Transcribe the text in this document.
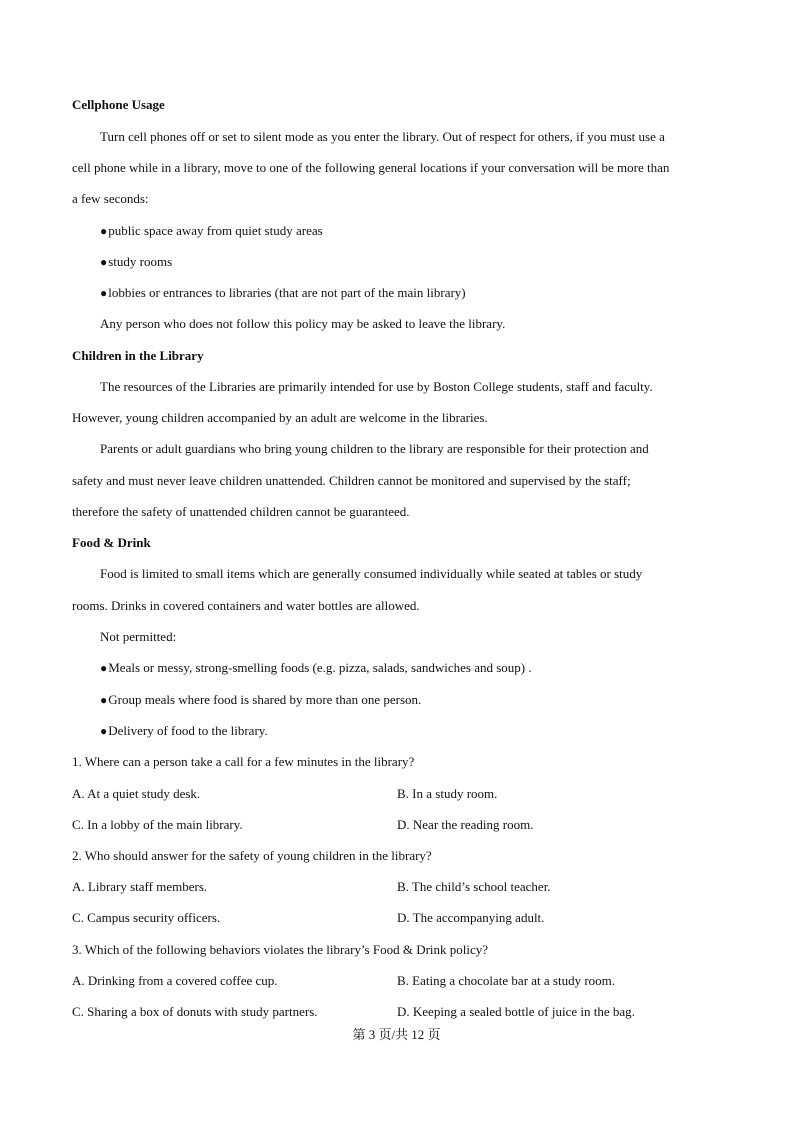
Cellphone Usage
Turn cell phones off or set to silent mode as you enter the library. Out of respect for others, if you must use a
cell phone while in a library, move to one of the following general locations if your conversation will be more than
a few seconds:
● public space away from quiet study areas
● study rooms
● lobbies or entrances to libraries (that are not part of the main library)
Any person who does not follow this policy may be asked to leave the library.
Children in the Library
The resources of the Libraries are primarily intended for use by Boston College students, staff and faculty.
However, young children accompanied by an adult are welcome in the libraries.
Parents or adult guardians who bring young children to the library are responsible for their protection and
safety and must never leave children unattended. Children cannot be monitored and supervised by the staff;
therefore the safety of unattended children cannot be guaranteed.
Food & Drink
Food is limited to small items which are generally consumed individually while seated at tables or study
rooms. Drinks in covered containers and water bottles are allowed.
Not permitted:
● Meals or messy, strong-smelling foods (e.g. pizza, salads, sandwiches and soup) .
● Group meals where food is shared by more than one person.
● Delivery of food to the library.
1. Where can a person take a call for a few minutes in the library?
A. At a quiet study desk.	B. In a study room.
C. In a lobby of the main library.	D. Near the reading room.
2. Who should answer for the safety of young children in the library?
A. Library staff members.	B. The child’s school teacher.
C. Campus security officers.	D. The accompanying adult.
3. Which of the following behaviors violates the library’s Food & Drink policy?
A. Drinking from a covered coffee cup.	B. Eating a chocolate bar at a study room.
C. Sharing a box of donuts with study partners.	D. Keeping a sealed bottle of juice in the bag.
第 3 页/共 12 页
